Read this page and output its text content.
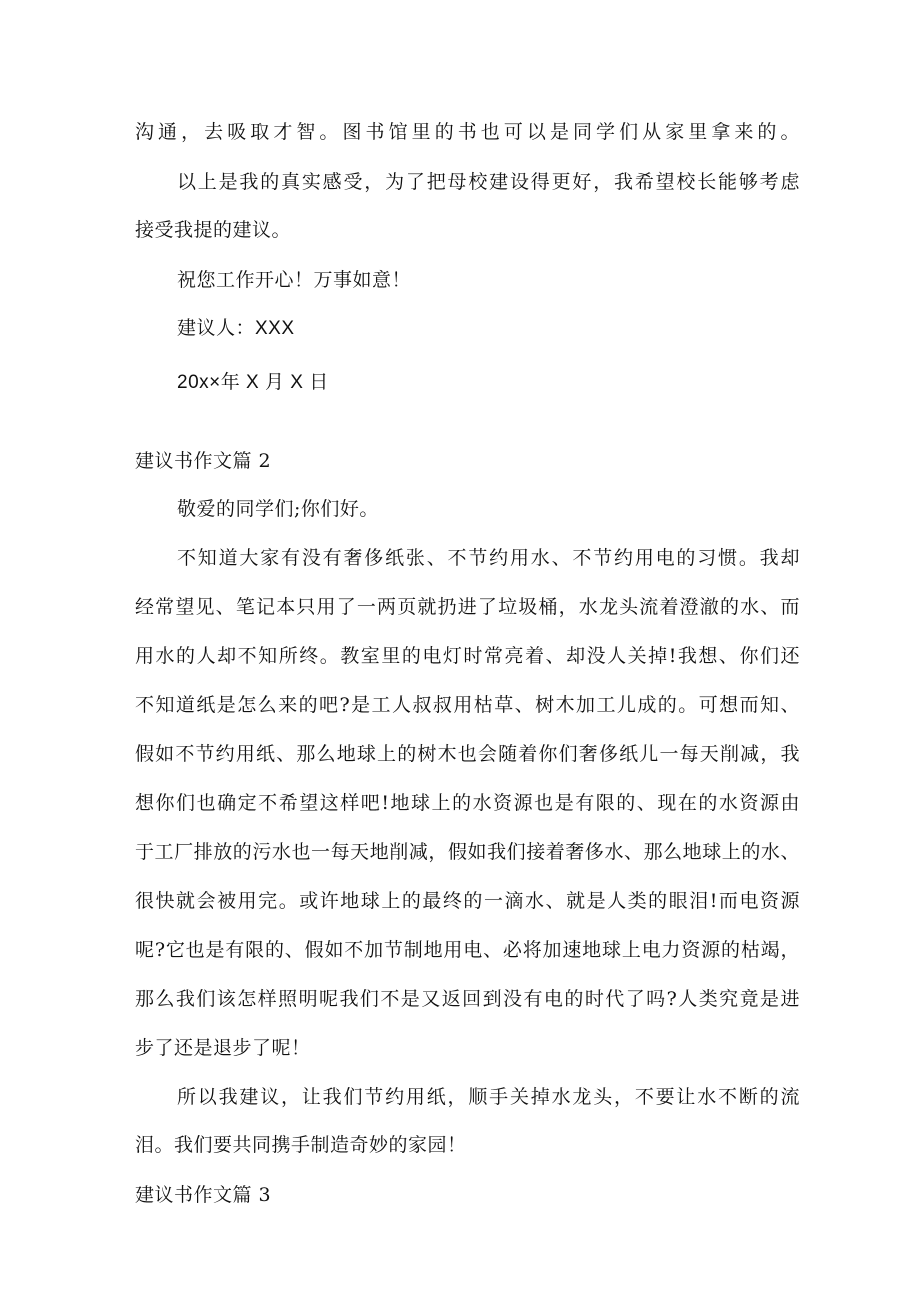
沟通，去吸取才智。图书馆里的书也可以是同学们从家里拿来的。
以上是我的真实感受，为了把母校建设得更好，我希望校长能够考虑
接受我提的建议。
祝您工作开心！万事如意！
建议人：XXX
20x×年 X 月 X 日
建议书作文篇 2
敬爱的同学们;你们好。
不知道大家有没有奢侈纸张、不节约用水、不节约用电的习惯。我却
经常望见、笔记本只用了一两页就扔进了垃圾桶，水龙头流着澄澈的水、而
用水的人却不知所终。教室里的电灯时常亮着、却没人关掉!我想、你们还
不知道纸是怎么来的吧?是工人叔叔用枯草、树木加工儿成的。可想而知、
假如不节约用纸、那么地球上的树木也会随着你们奢侈纸儿一每天削减，我
想你们也确定不希望这样吧!地球上的水资源也是有限的、现在的水资源由
于工厂排放的污水也一每天地削减，假如我们接着奢侈水、那么地球上的水、
很快就会被用完。或许地球上的最终的一滴水、就是人类的眼泪!而电资源
呢?它也是有限的、假如不加节制地用电、必将加速地球上电力资源的枯竭，
那么我们该怎样照明呢我们不是又返回到没有电的时代了吗?人类究竟是进
步了还是退步了呢！
所以我建议，让我们节约用纸，顺手关掉水龙头，不要让水不断的流
泪。我们要共同携手制造奇妙的家园！
建议书作文篇 3
